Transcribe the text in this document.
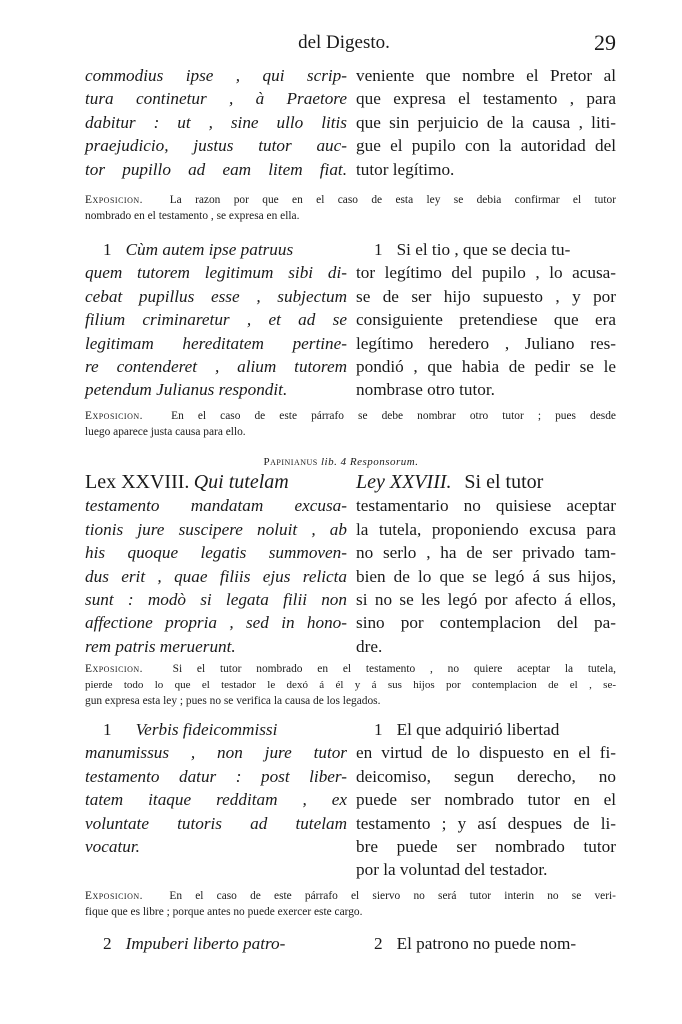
del Digesto.	29
commodius ipse , qui scrip-
tura continetur , à Praetore
dabitur : ut , sine ullo litis
praejudicio, justus tutor auc-
tor pupillo ad eam litem fiat.
veniente que nombre el Pretor al
que expresa el testamento , para
que sin perjuicio de la causa , liti-
gue el pupilo con la autoridad del
tutor legítimo.
Exposicion. La razon por que en el caso de esta ley se debia confirmar el tutor
nombrado en el testamento , se expresa en ella.
1 Cùm autem ipse patruus
quem tutorem legitimum sibi di-
cebat pupillus esse , subjectum
filium criminaretur , et ad se
legitimam hereditatem pertine-
re contenderet , alium tutorem
petendum Julianus respondit.
1 Si el tio , que se decia tu-
tor legítimo del pupilo , lo acusa-
se de ser hijo supuesto , y por
consiguiente pretendiese que era
legítimo heredero , Juliano res-
pondió , que habia de pedir se le
nombrase otro tutor.
Exposicion. En el caso de este párrafo se debe nombrar otro tutor ; pues desde
luego aparece justa causa para ello.
Papinianus lib. 4 Responsorum.
Lex XXVIII. Qui tutelam
testamento mandatam excusa-
tionis jure suscipere noluit , ab
his quoque legatis summoven-
dus erit , quae filiis ejus relicta
sunt : modò si legata filii non
affectione propria , sed in hono-
rem patris meruerunt.
Ley XXVIII. Si el tutor
testamentario no quisiese aceptar
la tutela, proponiendo excusa para
no serlo , ha de ser privado tam-
bien de lo que se legó á sus hijos,
si no se les legó por afecto á ellos,
sino por contemplacion del pa-
dre.
Exposicion.	Si el tutor nombrado en el testamento , no quiere aceptar la tutela,
pierde todo lo que el testador le dexó á él y á sus hijos por contemplacion de el , se-
gun expresa esta ley ; pues no se verifica la causa de los legados.
1 Verbis fideicommissi
manumissus , non jure tutor
testamento datur : post liber-
tatem itaque redditam , ex
voluntate tutoris ad tutelam
vocatur.
1 El que adquirió libertad
en virtud de lo dispuesto en el fi-
deicomiso, segun derecho, no
puede ser nombrado tutor en el
testamento ; y así despues de li-
bre puede ser nombrado tutor
por la voluntad del testador.
Exposicion. En el caso de este párrafo el siervo no será tutor interin no se veri-
fique que es libre ; porque antes no puede exercer este cargo.
2 Impuberi liberto patro-	2 El patrono no puede nom-
